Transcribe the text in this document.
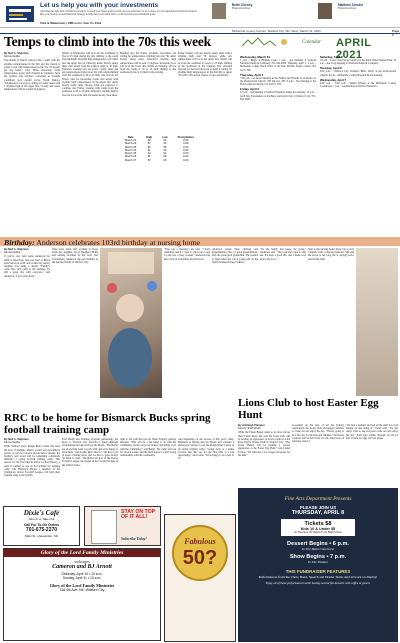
Let us help you with your investments
Choosing the right mix of financial products to reach your future goals is hard, but you don't have to do it alone. Let our experienced financial advisors help you develop a sound financial strategy to help meet your needs and to work towards your retirement goals.
Visit & Watertown | FMF.com | Join Us Find

Bette Cheney
Financial Advisor

Matthew Schultz
Financial Advisor
McKenzie County Farmer, Watford City, ND, Wed., March 31, 2021	Page 3
Temps to climb into the 70s this week
By Neil A. Shipman
Farmer Editor
The month of March came in like a lamb with the daytime temperatures in the 60s and the month is going to end with temperatures in the 70s. "It doesn't get any better," said. Those seasonally warm temperatures, along with virtually no moisture, have the farmers and ranchers concerned as drought conditions now extend across North Dakota. "Wednesday's forecast is calling for sunny skies with a daytime high in the upper 60s, Cloudy and warm temperatures will be around 20 degrees.
Winds on Wednesday will be from the southwest at five to 25 mph during the day, shifting to the south after midnight. Daytime high temperatures will climb into the upper 60s on Thursday under mostly sunny skies with windy from the south at eight to 30 mph. Thursday evening will see partly cloudy skies and low temperatures in the lower 40s with winds shifting from the southwest at 20 to 25 mph. The forecast for Friday calls for increasing clouds and windy with daytime high temperatures in the upper 60s under mostly sunny skies. Strong winds are expected to continue into Friday evening with winds from the northwest at 20 to 25 mph. Saturday's daytime high is forecast to be in the mid 50s under mostly clear skies.
Heading into the Easter weekend, forecasters are calling for temperatures climbing into the 70s under mostly sunny skies. Saturday's daytime high temperatures will be near 71 degrees. Increasing lows will be in the lower 40s. Winds on Saturday will be from the south at 10 to 15 mph shifting to the southeast in late at 10 mph in the evening.
Easter Sunday will see mostly sunny skies with a daytime high near 79 degrees while low temperatures will be in the upper 40s. Winds will be from the southeast at seven to 25 mph, shifting to the northwest in the evening. The extended forecast for the first full week of April is calling for daytime high temperatures in the mid 60s to upper 70s with a 20 percent chance of rain on Monday.
Date	High	Low	Precipitation
March 21	52	24	0.00
March 22	57	33	0.00
March 23	60	38	0.00
March 24	61	33	0.00
March 25	42	31	0.00
March 26	51	28	0.00
March 27	57	26	0.00
Calendar APRIL 2021
Wednesday, March 31
1 p.m. - Bingo at Hillside Court. 7 p.m. - AA Meeting at Watford Nutrition Pump & Company, 701-842-3000. Thursday, April 1: 3 p.m. - McKenzie County Rural Water at the Pete Hoeffer Senior Center, 301 1st St. NE.
Thursday, April 1
7:30 p.m. - Al-Anon Meeting in the Family and Friends of alcoholics at the Presbyterian Church, 708 4th Ave. NE. 8 p.m. - NA Meeting at the First Lutheran Church, 212 2nd St. NW.
Friday, April 2
12 p.m. - AA Meeting at Watford Nutrition Pump & Company. 12 p.m. - Gold Star Tournament at the Boys and Girls Club of Watford City, 701-842-3000.
Saturday, April 3
10 a.m. - Lions Club Easter Carnival at the Rural Water Natural Park. 10 a.m. - AA Coop meeting at Nutrition Pump & Company.
Tuesday, April 6
6:30 p.m. - Watford City Women's Bible Study at the Presbyterian Church. 6 p.m. - McKenzie County Hospital Board meeting.
Wednesday, April 7
9:00 a.m. - 3:00 p.m. - Meals Wheels at the McKenzie County Courthouse. 7 p.m. - AA Meeting at Watford Nutrition.
Birthday: Anderson celebrates 103rd birthday at nursing home
By Neil A. Shipman
Farmer Editor
If you've ever seen Anna Anderson her smile is infectious. She was born to Bruce and Frances in 1918, and on that day Anna's daughter was being a dream. "Family's come first, first came to the birthday, it's still a great day with everyone," said Anderson. "I love everybody."
Thus went, Anna, first working in Tioga under her daughter, Good Shepherd Home and nursing facilities in the Gold Star Tournament. Anderson enjoyed birthday in the nursing facility in Watford City.
"That was a blessing," she said. "I don't remember much. I went to school up to age 14 and was a busy woman." Anderson has kept track of everything she still loves.
Anderson raised three children and grandchildren plus 13 great-grandchildren, and one great-great grandchild. She learned to bake when she was a young girl on the family homestead near Schafer.
"It's the family that keeps me going," Anderson said. "They call and come to visit me. It's been a good life, and I thank God every day for it."
Staff at the nursing home threw her a party complete with a cake and balloons. She said the secret to her long life is staying active and having faith.
Lions Club to host Easter Egg Hunt
By Ashleigh Plemper
Farmer Staff Writer
While the Easter Bunny tends to do most chores these Easter Days, this year the Lions Club will be hosting an appearance at Lions Carnival at the Rose Pearce Nature Park in Watford City. "The Easter Bunny will be making a special appearance at the Easter Egg Hunt," said Lionel Cordas. "We will have a lot of eggs and prizes for the kids."
Loosening up the lens of all the holiday celebrations the Lions Club encourages families to come out and enjoy the day. "There's going to be a fun day for the kids and families," the Easter Carnival will be held from 10 a.m. until noon on Saturday, April 3.
"We had a planned and had all the stuff for a fun market up and doing it," Lionel said. "We just really want to see everyone come out and enjoy the day." Kids ages toddler through 12 will be able to hunt for eggs and win prizes.
RRC to be home for Bismarck Bucks spring football training camp
By Neil A. Shipman
Farmer Editor
While Watford City's Rough Rider Center has been the host of multiple athletic events and non-athletic events, as well as concerts and an indoor market, the facility's next event will be something completely different: a spring football training camp. This season, for the first time in indoor football history, a team is coming to use all its facilities for training camp. The Bismarck Bucks, a member of the Champions Indoor Football League, will hold their training camp at the facility.
Ford Bergh and Training program partnership, the move to Watford City provides a much different environment and approach for the Bucks. "The Bucks are an exciting team to work with, and we're happy to have them," said Leslie, RRC director. "We have a lot of space, training areas, and we have a great facility for them to train." The Bucks are part of the Indoor Football League, the largest indoor football league in the United States.
right to fun with that get out Week Wrigley, general manager. "This will be a fun thing to do with the community, giving away free tickets, and things to do with the community," said Bergh. The camp will run for several weeks, and the team hopes to build strong relationships with the community.
And depending on the success of this year's camp, Bismarck is hoping that the Bucks will consider a multi-year contract to use the Rough Rider Center as its spring training camp. "Going away to a prime location like this one for the first time is a fun opportunity," said Leslie. "We're happy to be a part of it."
Dixie's Cafe
Dine In or Take Out
Call For To-Go Orders
701-675-2270
Main St. • Alexander, ND
STAY ON TOP OF IT ALL!
Subscribe Today!
Glory of the Lord Family Ministries
welcomes
Cameron and BJ Arnott
Saturday, April 10 • 10 a.m.
Sunday, April 11 • 10 a.m.
Glory of the Lord Family Ministries
118 4th Ave. NE, Watford City
Fabulous
50?
Fine Arts Department Presents
PLEASE JOIN US
THURSDAY, APRIL 8
Tickets $8
Kids 10 & Under $5
At The Door Of Watford City High School
Dessert Begins • 6 p.m.
In The Main Concourse
Show Begins • 7 p.m.
In The Theater
THIS FUNDRAISER FEATURES
Performances from the Choir, Band, Speech and Drama Team. And artwork on display!
Enjoy all of these performances while having several fun desserts with coffee or punch.
